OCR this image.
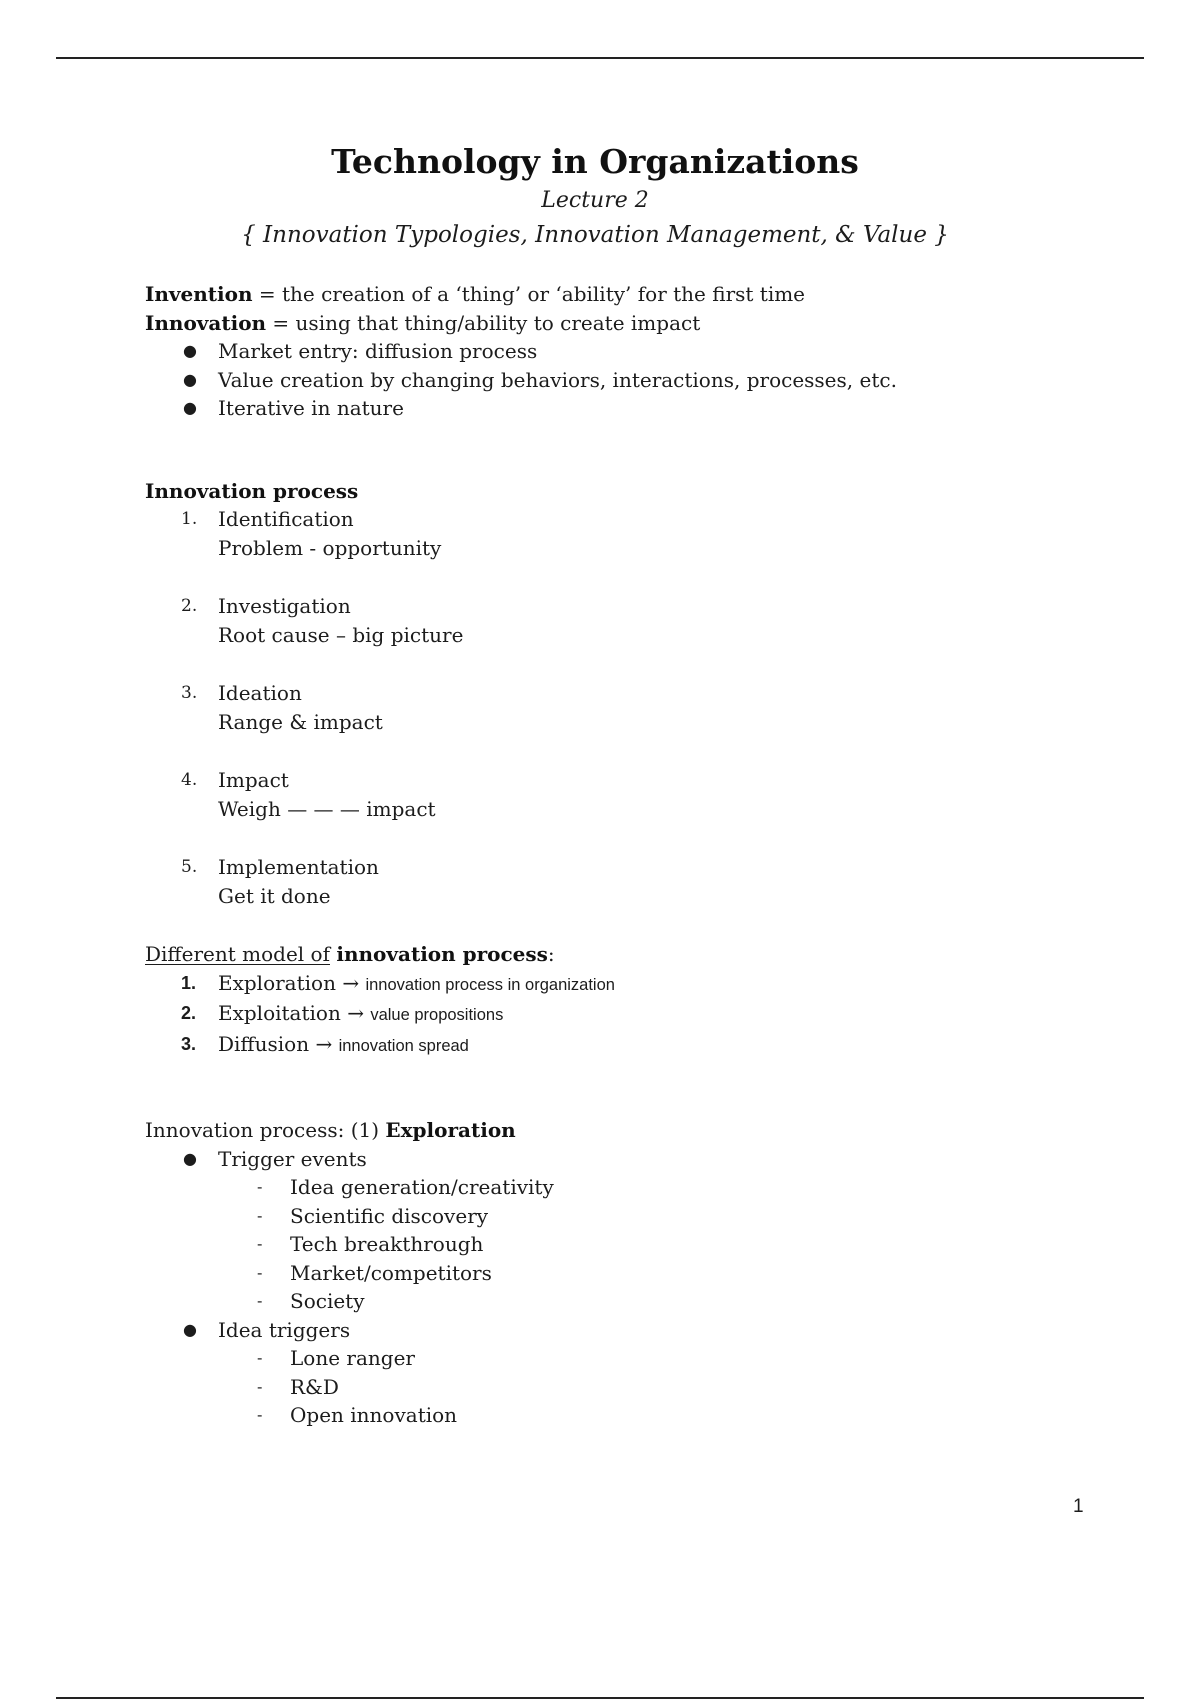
Technology in Organizations
Lecture 2
{ Innovation Typologies, Innovation Management, & Value }
Invention = the creation of a ‘thing’ or ‘ability’ for the first time
Innovation = using that thing/ability to create impact
●	Market entry: diffusion process
●	Value creation by changing behaviors, interactions, processes, etc.
●	Iterative in nature
Innovation process
1. Identification
Problem - opportunity
2. Investigation
Root cause – big picture
3. Ideation
Range & impact
4. Impact
Weigh — — — impact
5. Implementation
Get it done
Different model of innovation process:
1. Exploration → innovation process in organization
2. Exploitation → value propositions
3. Diffusion → innovation spread
Innovation process: (1) Exploration
●	Trigger events
- Idea generation/creativity
- Scientific discovery
- Tech breakthrough
- Market/competitors
- Society
●	Idea triggers
- Lone ranger
- R&D
- Open innovation
1
